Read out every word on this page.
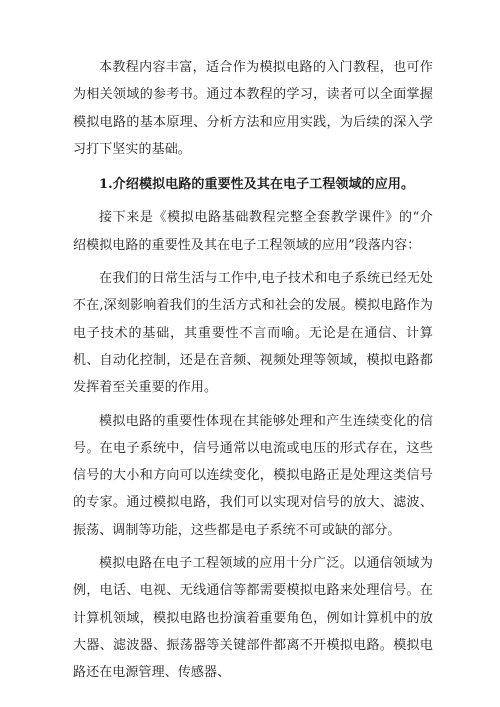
本教程内容丰富，适合作为模拟电路的入门教程，也可作为相关领域的参考书。通过本教程的学习，读者可以全面掌握模拟电路的基本原理、分析方法和应用实践，为后续的深入学习打下坚实的基础。

1.介绍模拟电路的重要性及其在电子工程领域的应用。

接下来是《模拟电路基础教程完整全套教学课件》的“介绍模拟电路的重要性及其在电子工程领域的应用”段落内容：

在我们的日常生活与工作中,电子技术和电子系统已经无处不在,深刻影响着我们的生活方式和社会的发展。模拟电路作为电子技术的基础，其重要性不言而喻。无论是在通信、计算机、自动化控制，还是在音频、视频处理等领域，模拟电路都发挥着至关重要的作用。

模拟电路的重要性体现在其能够处理和产生连续变化的信号。在电子系统中，信号通常以电流或电压的形式存在，这些信号的大小和方向可以连续变化，模拟电路正是处理这类信号的专家。通过模拟电路，我们可以实现对信号的放大、滤波、振荡、调制等功能，这些都是电子系统不可或缺的部分。

模拟电路在电子工程领域的应用十分广泛。以通信领域为例，电话、电视、无线通信等都需要模拟电路来处理信号。在计算机领域，模拟电路也扮演着重要角色，例如计算机中的放大器、滤波器、振荡器等关键部件都离不开模拟电路。模拟电路还在电源管理、传感器、
